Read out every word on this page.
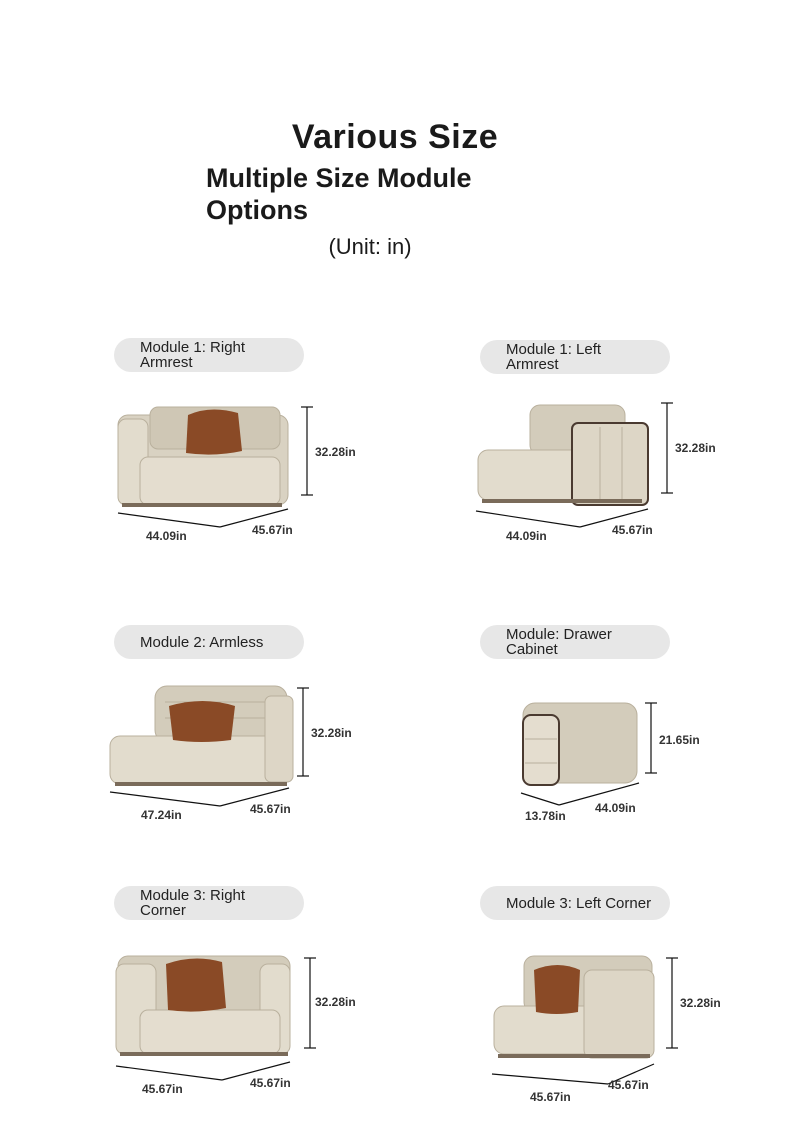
Various Size
Multiple Size Module Options
(Unit: in)
Module 1: Right Armrest
32.28in
44.09in	45.67in
Module 1: Left Armrest
32.28in
44.09in	45.67in
Module 2: Armless
32.28in
47.24in	45.67in
Module: Drawer Cabinet
21.65in
13.78in
44.09in
Module 3: Right Corner
32.28in
45.67in	45.67in
Module 3: Left Corner
32.28in
45.67in
45.67in
